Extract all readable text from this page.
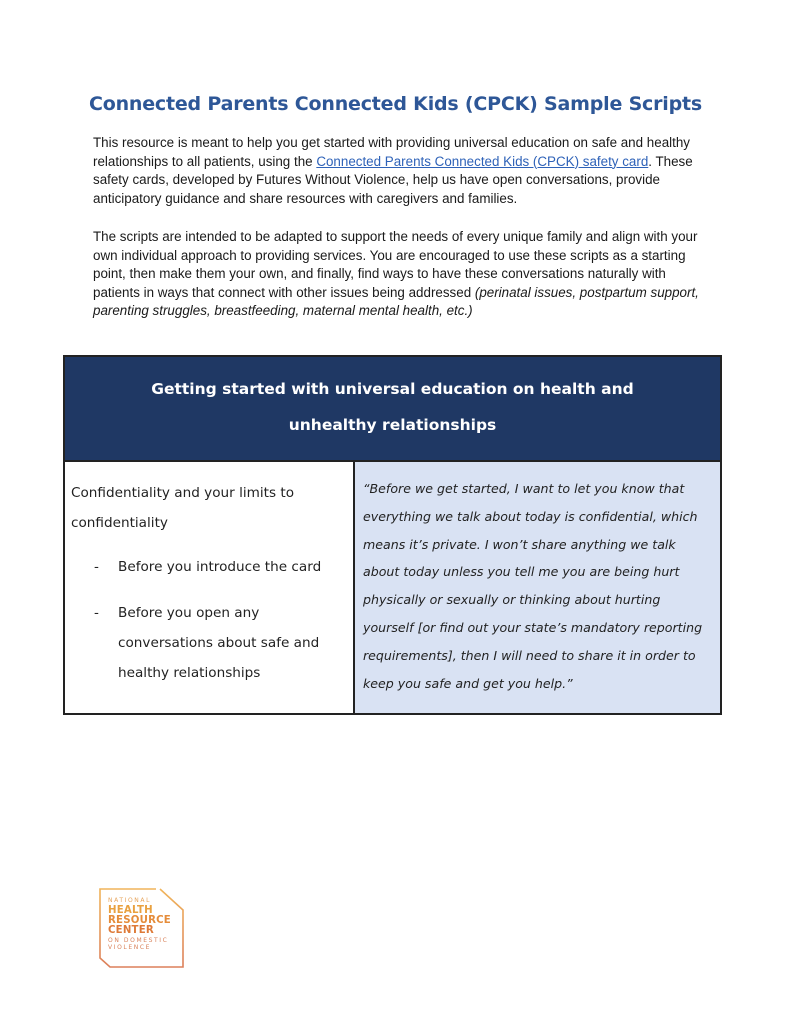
Connected Parents Connected Kids (CPCK) Sample Scripts

This resource is meant to help you get started with providing universal education on safe and healthy relationships to all patients, using the Connected Parents Connected Kids (CPCK) safety card. These safety cards, developed by Futures Without Violence, help us have open conversations, provide anticipatory guidance and share resources with caregivers and families.

The scripts are intended to be adapted to support the needs of every unique family and align with your own individual approach to providing services. You are encouraged to use these scripts as a starting point, then make them your own, and finally, find ways to have these conversations naturally with patients in ways that connect with other issues being addressed (perinatal issues, postpartum support, parenting struggles, breastfeeding, maternal mental health, etc.)

Getting started with universal education on health and unhealthy relationships

Confidentiality and your limits to confidentiality

-	Before you introduce the card
-	Before you open any conversations about safe and healthy relationships
“Before we get started, I want to let you know that everything we talk about today is confidential, which means it’s private. I won’t share anything we talk about today unless you tell me you are being hurt physically or sexually or thinking about hurting yourself [or find out your state’s mandatory reporting requirements], then I will need to share it in order to keep you safe and get you help.”
NATIONAL
HEALTH
RESOURCE
CENTER
ON DOMESTIC
VIOLENCE
